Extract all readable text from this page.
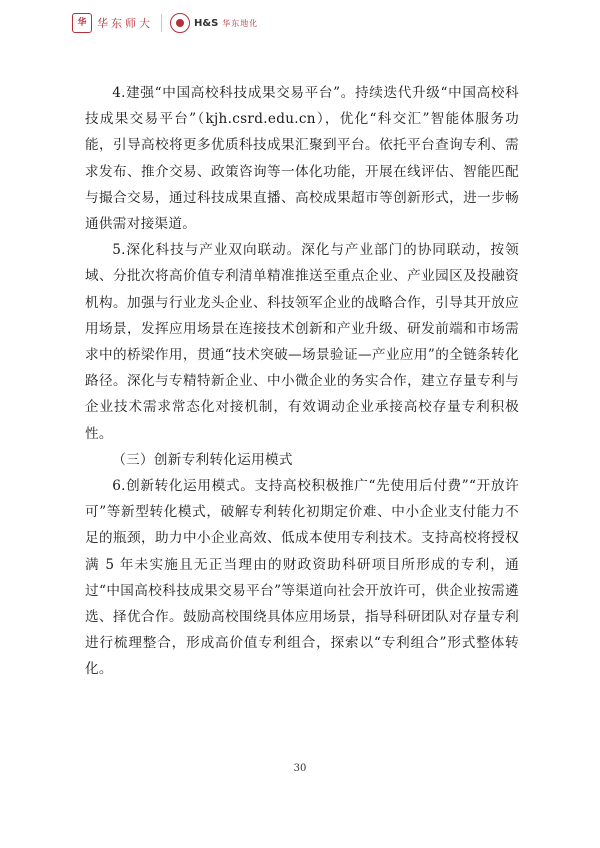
华 华东师大	H&S 华东地化

4.建强“中国高校科技成果交易平台”。持续迭代升级“中国高校科技成果交易平台”（kjh.csrd.edu.cn），优化“科交汇”智能体服务功能，引导高校将更多优质科技成果汇聚到平台。依托平台查询专利、需求发布、推介交易、政策咨询等一体化功能，开展在线评估、智能匹配与撮合交易，通过科技成果直播、高校成果超市等创新形式，进一步畅通供需对接渠道。

5.深化科技与产业双向联动。深化与产业部门的协同联动，按领域、分批次将高价值专利清单精准推送至重点企业、产业园区及投融资机构。加强与行业龙头企业、科技领军企业的战略合作，引导其开放应用场景，发挥应用场景在连接技术创新和产业升级、研发前端和市场需求中的桥梁作用，贯通“技术突破—场景验证—产业应用”的全链条转化路径。深化与专精特新企业、中小微企业的务实合作，建立存量专利与企业技术需求常态化对接机制，有效调动企业承接高校存量专利积极性。

（三）创新专利转化运用模式

6.创新转化运用模式。支持高校积极推广“先使用后付费”“开放许可”等新型转化模式，破解专利转化初期定价难、中小企业支付能力不足的瓶颈，助力中小企业高效、低成本使用专利技术。支持高校将授权满 5 年未实施且无正当理由的财政资助科研项目所形成的专利，通过“中国高校科技成果交易平台”等渠道向社会开放许可，供企业按需遴选、择优合作。鼓励高校围绕具体应用场景，指导科研团队对存量专利进行梳理整合，形成高价值专利组合，探索以“专利组合”形式整体转化。

30
